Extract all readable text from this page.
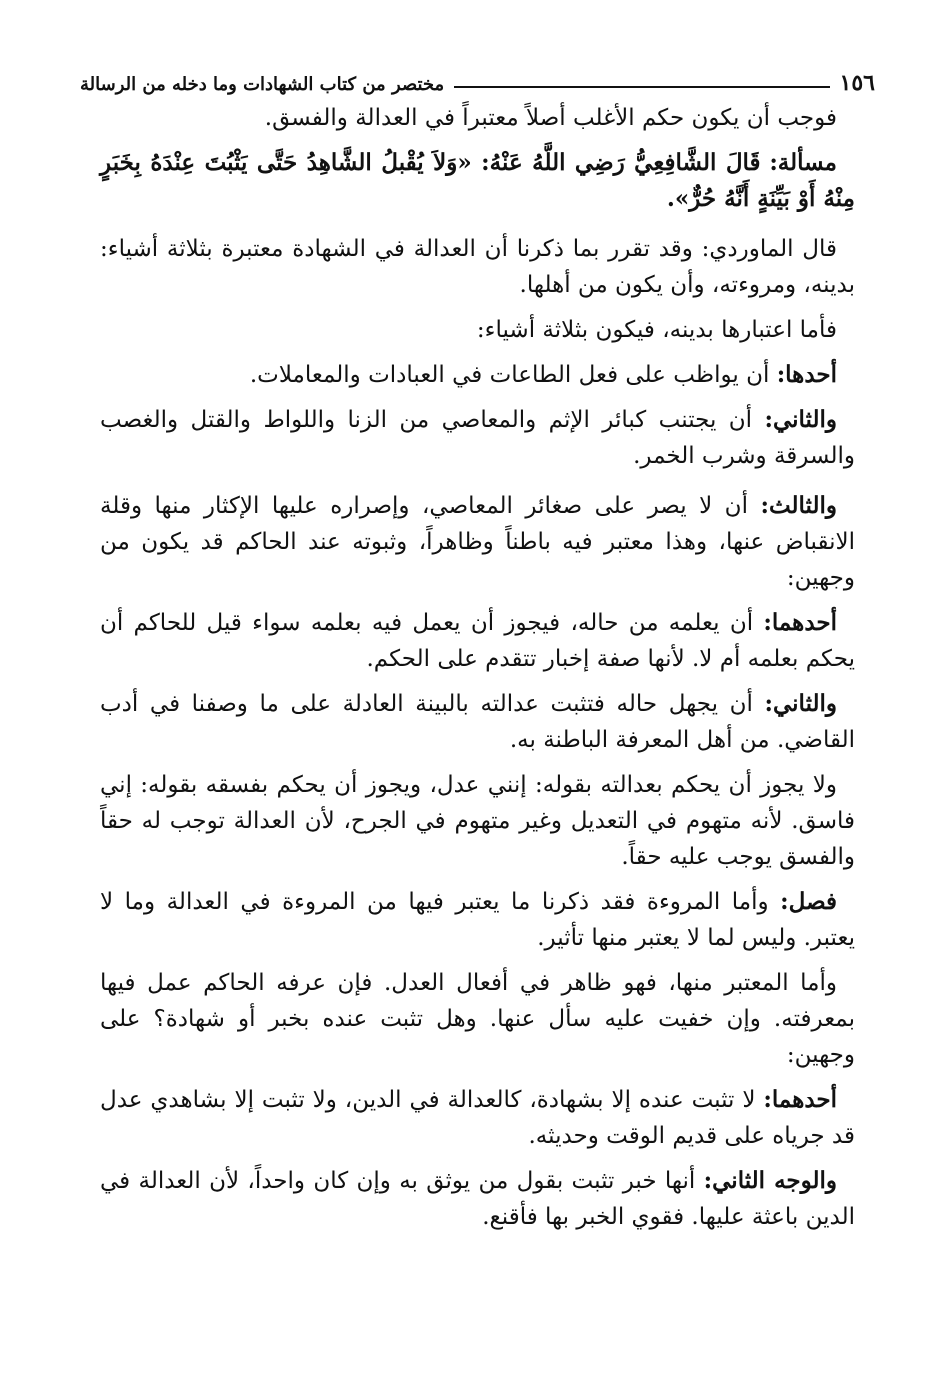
١٥٦
مختصر من كتاب الشهادات وما دخله من الرسالة

فوجب أن يكون حكم الأغلب أصلاً معتبراً في العدالة والفسق.

مسألة: قَالَ الشَّافِعِيُّ رَضِي اللَّهُ عَنْهُ: «وَلاَ يُقْبلُ الشَّاهِدُ حَتَّى يَثْبُتَ عِنْدَهُ بِخَبَرٍ مِنْهُ أَوْ بَيِّنَةٍ أَنَّهُ حُرٌّ».

قال الماوردي: وقد تقرر بما ذكرنا أن العدالة في الشهادة معتبرة بثلاثة أشياء: بدينه، ومروءته، وأن يكون من أهلها.

فأما اعتبارها بدينه، فيكون بثلاثة أشياء:

أحدها: أن يواظب على فعل الطاعات في العبادات والمعاملات.

والثاني: أن يجتنب كبائر الإثم والمعاصي من الزنا واللواط والقتل والغصب والسرقة وشرب الخمر.

والثالث: أن لا يصر على صغائر المعاصي، وإصراره عليها الإكثار منها وقلة الانقباض عنها، وهذا معتبر فيه باطناً وظاهراً، وثبوته عند الحاكم قد يكون من وجهين:

أحدهما: أن يعلمه من حاله، فيجوز أن يعمل فيه بعلمه سواء قيل للحاكم أن يحكم بعلمه أم لا. لأنها صفة إخبار تتقدم على الحكم.

والثاني: أن يجهل حاله فتثبت عدالته بالبينة العادلة على ما وصفنا في أدب القاضي. من أهل المعرفة الباطنة به.

ولا يجوز أن يحكم بعدالته بقوله: إنني عدل، ويجوز أن يحكم بفسقه بقوله: إني فاسق. لأنه متهوم في التعديل وغير متهوم في الجرح، لأن العدالة توجب له حقاً والفسق يوجب عليه حقاً.

فصل: وأما المروءة فقد ذكرنا ما يعتبر فيها من المروءة في العدالة وما لا يعتبر. وليس لما لا يعتبر منها تأثير.

وأما المعتبر منها، فهو ظاهر في أفعال العدل. فإن عرفه الحاكم عمل فيها بمعرفته. وإن خفيت عليه سأل عنها. وهل تثبت عنده بخبر أو شهادة؟ على وجهين:

أحدهما: لا تثبت عنده إلا بشهادة، كالعدالة في الدين، ولا تثبت إلا بشاهدي عدل قد جرياه على قديم الوقت وحديثه.

والوجه الثاني: أنها خبر تثبت بقول من يوثق به وإن كان واحداً، لأن العدالة في الدين باعثة عليها. فقوي الخبر بها فأقنع.
